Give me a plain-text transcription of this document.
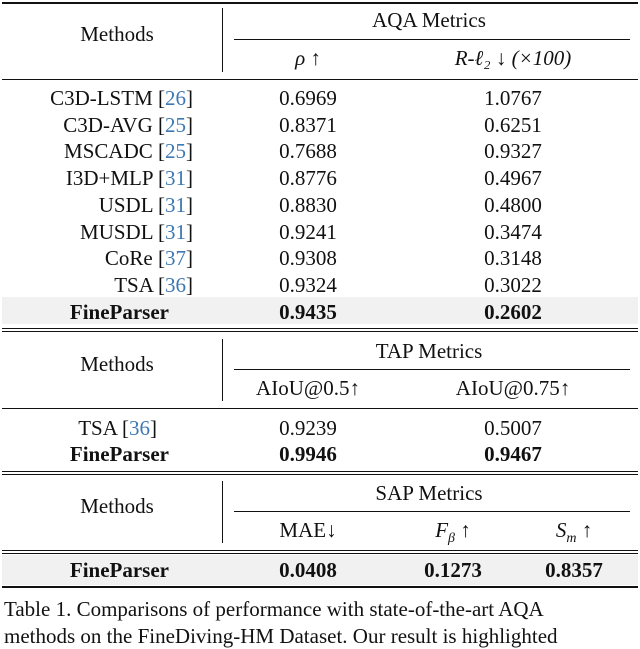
Methods
AQA Metrics
ρ ↑	R-ℓ₂ ↓ (×100)
C3D-LSTM [26]	0.6969	1.0767
C3D-AVG [25]	0.8371	0.6251
MSCADC [25]	0.7688	0.9327
I3D+MLP [31]	0.8776	0.4967
USDL [31]	0.8830	0.4800
MUSDL [31]	0.9241	0.3474
CoRe [37]	0.9308	0.3148
TSA [36]	0.9324	0.3022
FineParser	0.9435	0.2602
Methods
TAP Metrics
AIoU@0.5↑	AIoU@0.75↑
TSA [36]	0.9239	0.5007
FineParser	0.9946	0.9467
Methods
SAP Metrics
MAE↓	$F_\beta$ ↑	$S_m$ ↑
FineParser	0.0408	0.1273	0.8357
Table 1. Comparisons of performance with state-of-the-art AQA
methods on the FineDiving-HM Dataset. Our result is highlighted
